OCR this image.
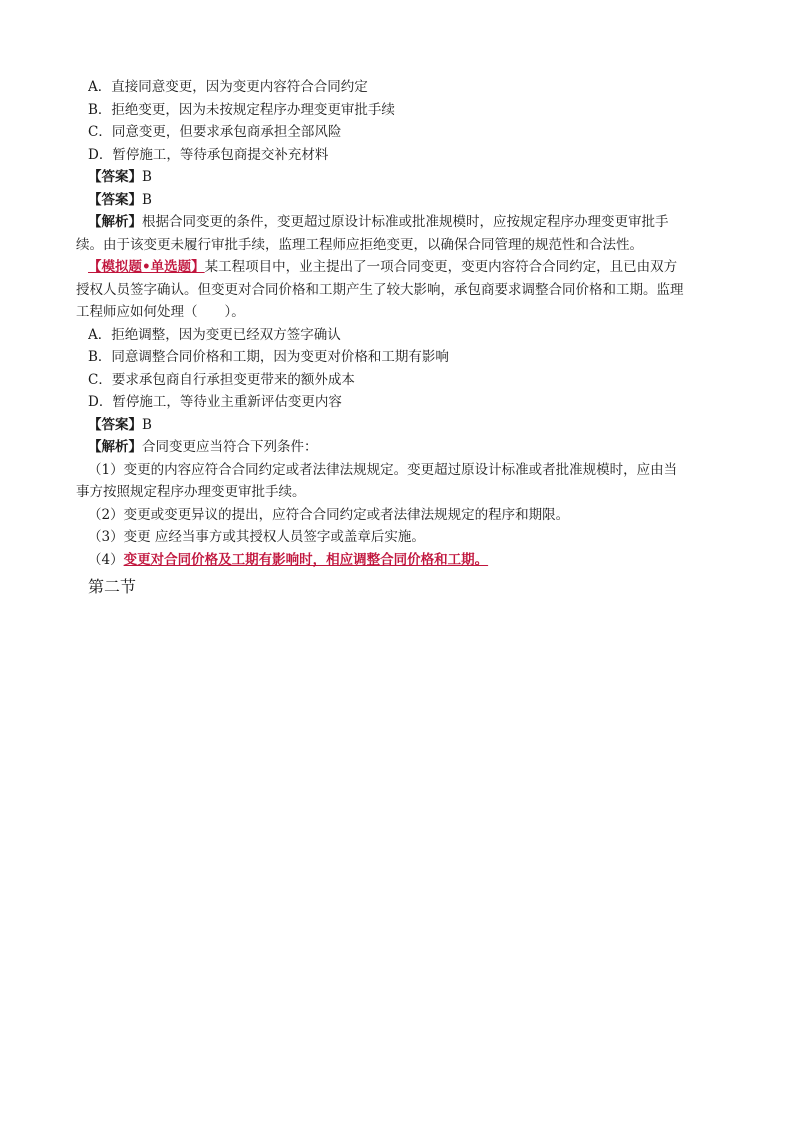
A．直接同意变更，因为变更内容符合合同约定
B．拒绝变更，因为未按规定程序办理变更审批手续
C．同意变更，但要求承包商承担全部风险
D．暂停施工，等待承包商提交补充材料
【答案】B
【答案】B
【解析】根据合同变更的条件，变更超过原设计标准或批准规模时，应按规定程序办理变更审批手
续。由于该变更未履行审批手续，监理工程师应拒绝变更，以确保合同管理的规范性和合法性。
【模拟题•单选题】某工程项目中，业主提出了一项合同变更，变更内容符合合同约定，且已由双方
授权人员签字确认。但变更对合同价格和工期产生了较大影响，承包商要求调整合同价格和工期。监理
工程师应如何处理（　　）。
A．拒绝调整，因为变更已经双方签字确认
B．同意调整合同价格和工期，因为变更对价格和工期有影响
C．要求承包商自行承担变更带来的额外成本
D．暂停施工，等待业主重新评估变更内容
【答案】B
【解析】合同变更应当符合下列条件：
（1）变更的内容应符合合同约定或者法律法规规定。变更超过原设计标准或者批准规模时，应由当
事方按照规定程序办理变更审批手续。
（2）变更或变更异议的提出，应符合合同约定或者法律法规规定的程序和期限。
（3）变更 应经当事方或其授权人员签字或盖章后实施。
（4）变更对合同价格及工期有影响时，相应调整合同价格和工期。
第二节
